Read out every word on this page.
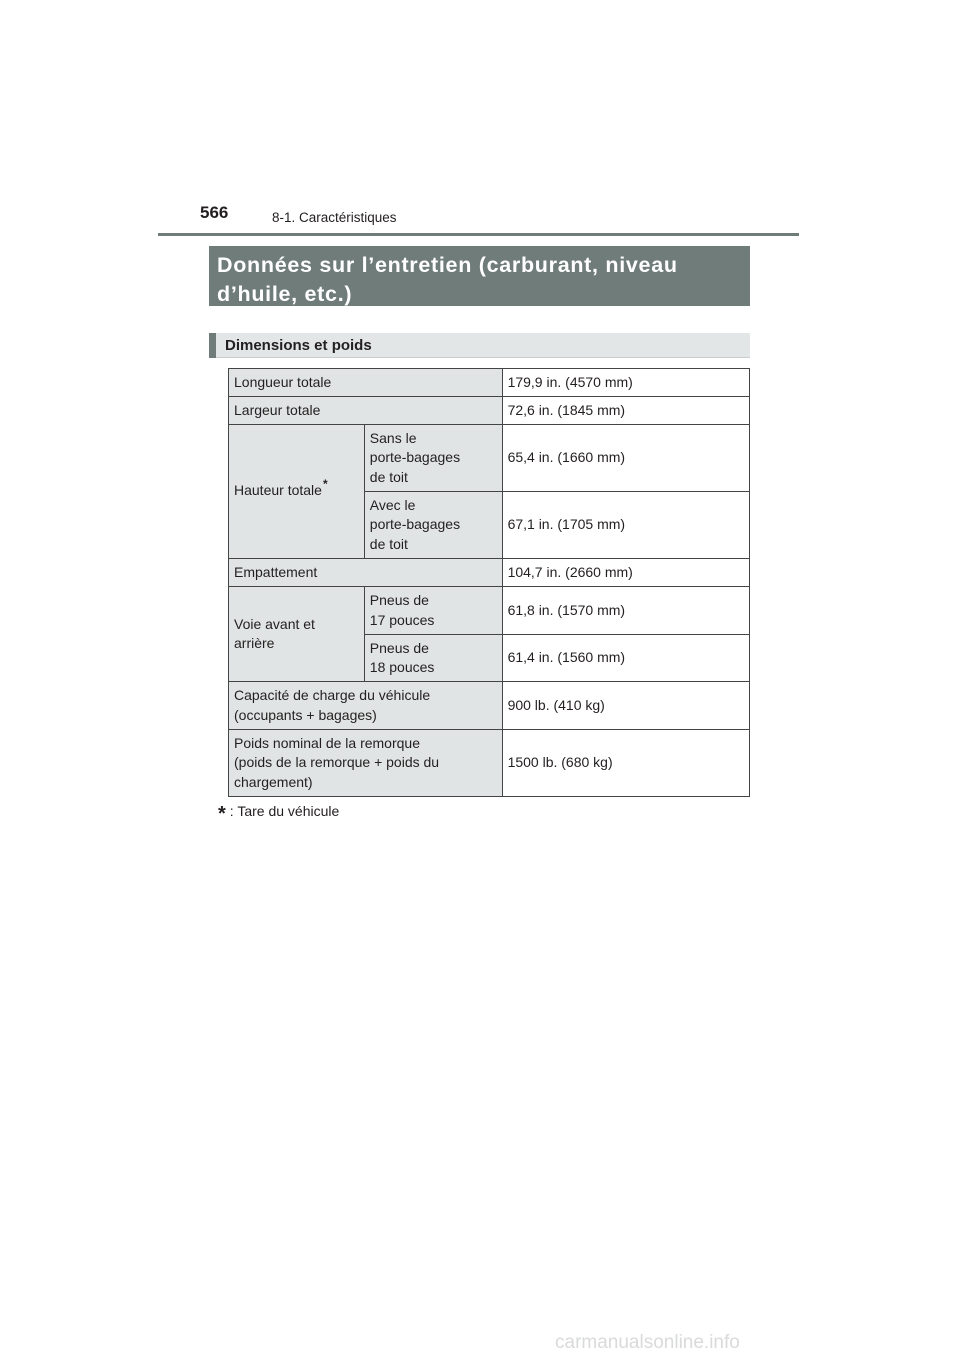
566	8-1. Caractéristiques
Données sur l’entretien (carburant, niveau d’huile, etc.)
Dimensions et poids
Longueur totale		179,9 in. (4570 mm)
Largeur totale		72,6 in. (1845 mm)
Hauteur totale*	Sans le
porte-bagages
de toit	65,4 in. (1660 mm)
	Avec le
porte-bagages
de toit	67,1 in. (1705 mm)
Empattement		104,7 in. (2660 mm)
Voie avant et
arrière	Pneus de
17 pouces	61,8 in. (1570 mm)
	Pneus de
18 pouces	61,4 in. (1560 mm)
Capacité de charge du véhicule
(occupants + bagages)		900 lb. (410 kg)
Poids nominal de la remorque
(poids de la remorque + poids du
chargement)		1500 lb. (680 kg)
* : Tare du véhicule
carmanualsonline.info
